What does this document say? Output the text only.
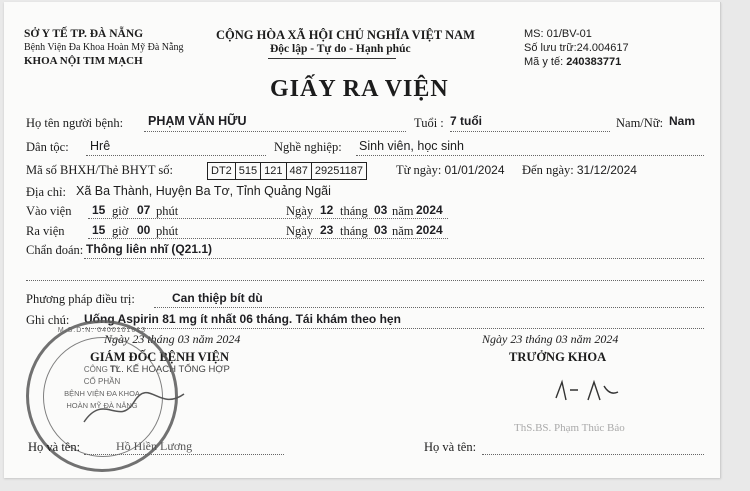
SỞ Y TẾ TP. ĐÀ NẴNG
Bệnh Viện Đa Khoa Hoàn Mỹ Đà Nẵng
KHOA NỘI TIM MẠCH
CỘNG HÒA XÃ HỘI CHỦ NGHĨA VIỆT NAM
Độc lập - Tự do - Hạnh phúc
MS: 01/BV-01
Số lưu trữ:24.004617
Mã y tế: 240383771
GIẤY RA VIỆN
Họ tên người bệnh: PHẠM VĂN HỮU	Tuổi : 7 tuổi	Nam/Nữ: Nam
Dân tộc: Hrê	Nghề nghiệp: Sinh viên, học sinh
Mã số BHXH/Thẻ BHYT số:	DT2 515 121 487 29251187	Từ ngày: 01/01/2024 Đến ngày: 31/12/2024
Địa chỉ: Xã Ba Thành, Huyện Ba Tơ, Tỉnh Quảng Ngãi
Vào viện 15 giờ 07 phút	Ngày 12 tháng 03 năm 2024
Ra viện 15 giờ 00 phút	Ngày 23 tháng 03 năm 2024
Chẩn đoán: Thông liên nhĩ (Q21.1)
Phương pháp điều trị:	Can thiệp bít dù
Ghi chú: Uống Aspirin 81 mg ít nhất 06 tháng. Tái khám theo hẹn
Ngày 23 tháng 03 năm 2024
GIÁM ĐỐC BỆNH VIỆN
TL. KẾ HOẠCH TỔNG HỢP
M.S.D.N: 0400101013
CÔNG TY
CỔ PHẦN
BỆNH VIỆN ĐA KHOA
HOÀN MỸ ĐÀ NẴNG
Họ và tên:	Hồ Hiền Lương
Ngày 23 tháng 03 năm 2024
TRƯỞNG KHOA
ThS.BS. Phạm Thúc Bảo
Họ và tên:
